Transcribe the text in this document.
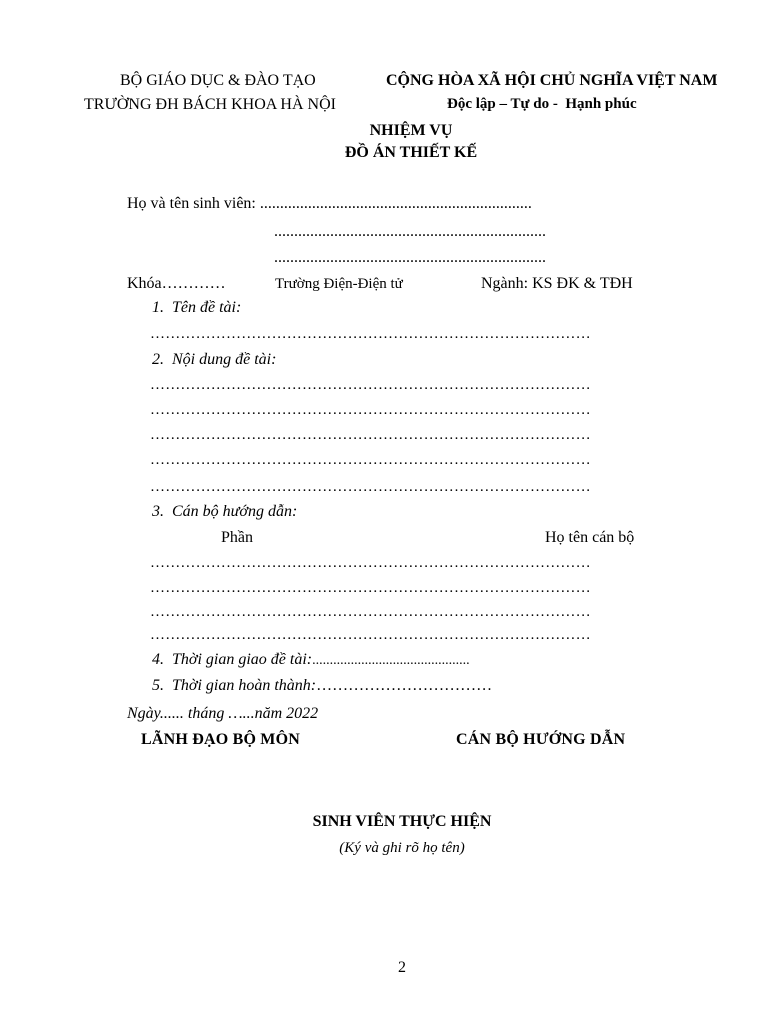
BỘ GIÁO DỤC & ĐÀO TẠO
TRƯỜNG ĐH BÁCH KHOA HÀ NỘI
CỘNG HÒA XÃ HỘI CHỦ NGHĨA VIỆT NAM
Độc lập – Tự do -  Hạnh phúc
NHIỆM VỤ
ĐỒ ÁN THIẾT KẾ
Họ và tên sinh viên: ....................................................................
....................................................................
....................................................................
Khóa…………	Trường Điện-Điện tử	Ngành: KS ĐK & TĐH
1.  Tên đề tài:
……………………………………………………………………………
2.  Nội dung đề tài:
……………………………………………………………………………
……………………………………………………………………………
……………………………………………………………………………
……………………………………………………………………………
……………………………………………………………………………
3.  Cán bộ hướng dẫn:
Phần	Họ tên cán bộ
……………………………………………………………………………
……………………………………………………………………………
……………………………………………………………………………
……………………………………………………………………………
4.  Thời gian giao đề tài:.............................................
5.  Thời gian hoàn thành:……………………………
Ngày...... tháng …...năm 2022
LÃNH ĐẠO BỘ MÔN	CÁN BỘ HƯỚNG DẪN
SINH VIÊN THỰC HIỆN
(Ký và ghi rõ họ tên)
2
